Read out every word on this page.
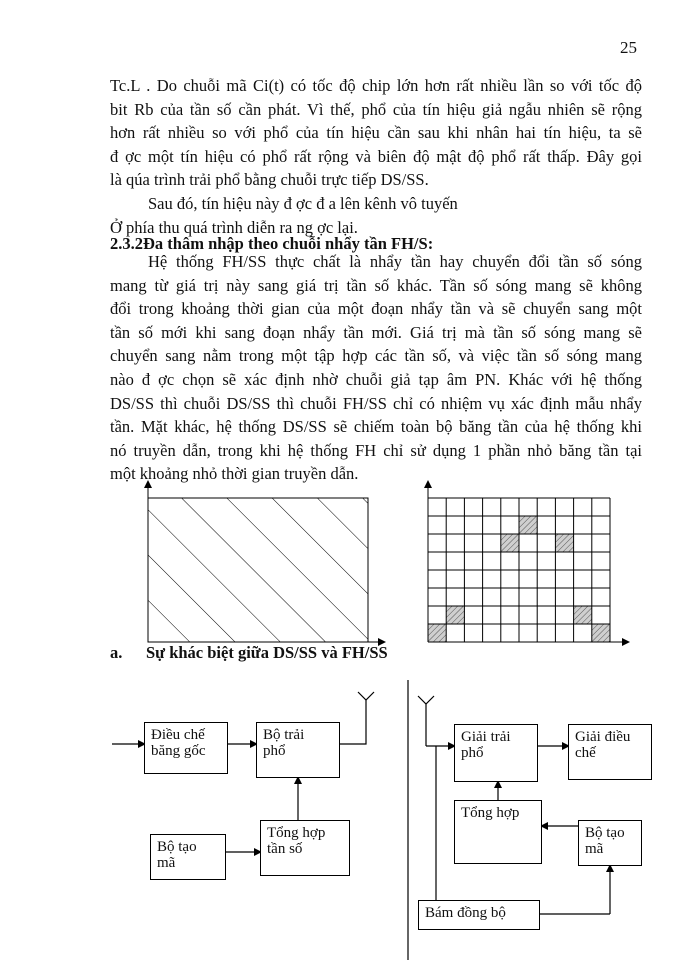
25
Tc.L . Do chuỗi mã Ci(t) có tốc độ chip lớn hơn rất nhiều lần so với tốc độ
bit Rb của tần số cần phát. Vì thế, phổ của tín hiệu giả ngẫu nhiên sẽ rộng
hơn rất nhiều so với phổ của tín hiệu cần sau khi nhân hai tín hiệu, ta sẽ
đ ợc một tín hiệu có phổ rất rộng và biên độ mật độ phổ rất thấp. Đây gọi
là qúa trình trải phổ bằng chuỗi trực tiếp DS/SS.
Sau đó, tín hiệu này đ ợc đ a lên kênh vô tuyến
Ở phía thu quá trình diễn ra ng ợc lại.
2.3.2Đa thâm nhập theo chuỗi nhẩy tần FH/S:
Hệ thống FH/SS thực chất là nhẩy tần hay chuyển đổi tần số sóng
mang từ giá trị này sang giá trị tần số khác. Tần số sóng mang sẽ không
đổi trong khoảng thời gian của một đoạn nhẩy tần và sẽ chuyển sang một
tần số mới khi sang đoạn nhẩy tần mới. Giá trị mà tần số sóng mang sẽ
chuyển sang nằm trong một tập hợp các tần số, và việc tần số sóng mang
nào đ ợc chọn sẽ xác định nhờ chuỗi giả tạp âm PN. Khác với hệ thống
DS/SS thì chuỗi DS/SS thì chuỗi FH/SS chỉ có nhiệm vụ xác định mẫu nhẩy
tần. Mặt khác, hệ thống DS/SS sẽ chiếm toàn bộ băng tần của hệ thống khi
nó truyền dẫn, trong khi hệ thống FH chỉ sử dụng 1 phần nhỏ băng tần tại
một khoảng nhỏ thời gian truyền dẫn.
a. Sự khác biệt giữa DS/SS và FH/SS
Điều chế
băng gốc
Bộ trải
phổ
Bộ tạo
mã
Tổng hợp
tần số
Giải trải
phổ
Giải điều
chế
Tổng hợp
Bộ tạo
mã
Bám đồng bộ
